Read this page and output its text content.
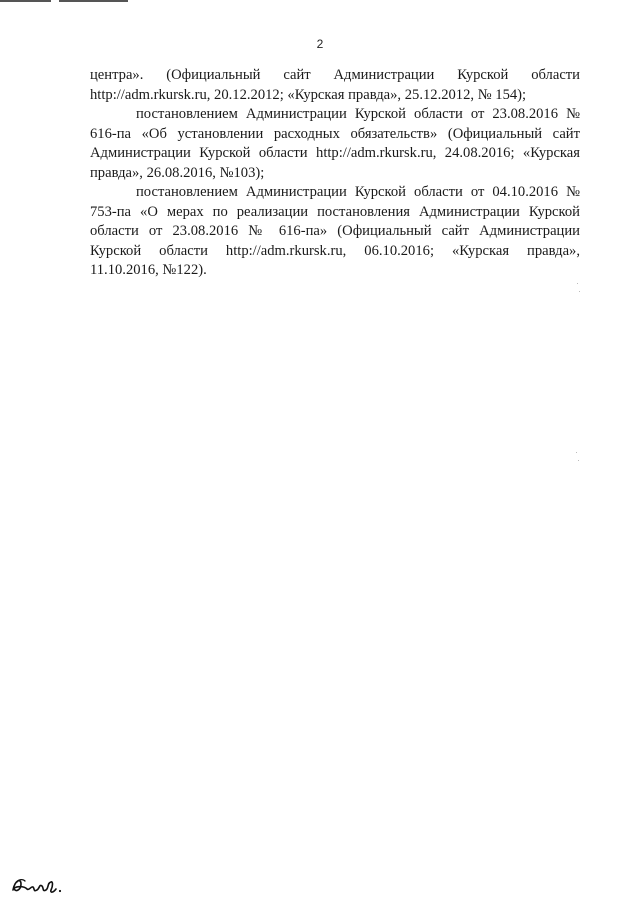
2

центра». (Официальный сайт Администрации Курской области http://adm.rkursk.ru, 20.12.2012; «Курская правда», 25.12.2012, № 154);

постановлением Администрации Курской области от 23.08.2016 № 616-па «Об установлении расходных обязательств» (Официальный сайт Администрации Курской области http://adm.rkursk.ru, 24.08.2016; «Курская правда», 26.08.2016, №103);

постановлением Администрации Курской области от 04.10.2016 № 753-па «О мерах по реализации постановления Администрации Курской области от 23.08.2016 № 616-па» (Официальный сайт Администрации Курской области http://adm.rkursk.ru, 06.10.2016; «Курская правда», 11.10.2016, №122).
